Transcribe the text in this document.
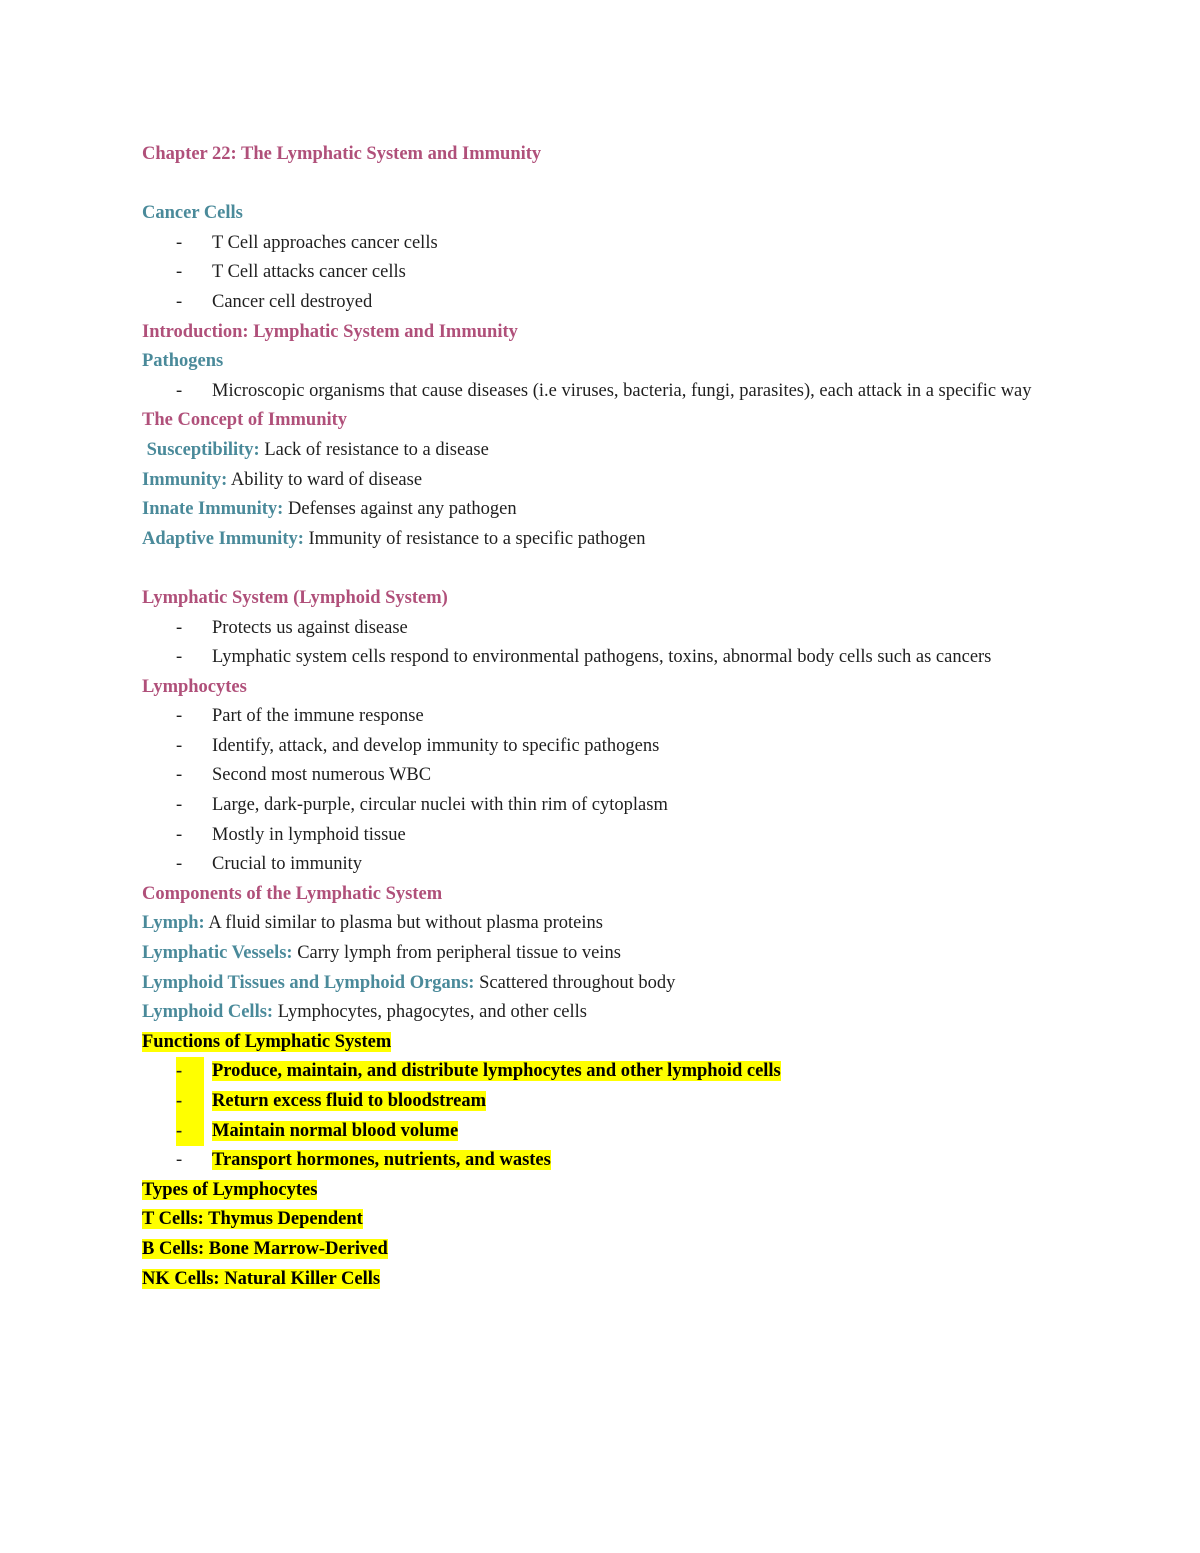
Chapter 22: The Lymphatic System and Immunity
Cancer Cells
- T Cell approaches cancer cells
- T Cell attacks cancer cells
- Cancer cell destroyed
Introduction: Lymphatic System and Immunity
Pathogens
- Microscopic organisms that cause diseases (i.e viruses, bacteria, fungi, parasites), each attack in a specific way
The Concept of Immunity
Susceptibility: Lack of resistance to a disease
Immunity: Ability to ward of disease
Innate Immunity: Defenses against any pathogen
Adaptive Immunity: Immunity of resistance to a specific pathogen
Lymphatic System (Lymphoid System)
- Protects us against disease
- Lymphatic system cells respond to environmental pathogens, toxins, abnormal body cells such as cancers
Lymphocytes
- Part of the immune response
- Identify, attack, and develop immunity to specific pathogens
- Second most numerous WBC
- Large, dark-purple, circular nuclei with thin rim of cytoplasm
- Mostly in lymphoid tissue
- Crucial to immunity
Components of the Lymphatic System
Lymph: A fluid similar to plasma but without plasma proteins
Lymphatic Vessels: Carry lymph from peripheral tissue to veins
Lymphoid Tissues and Lymphoid Organs: Scattered throughout body
Lymphoid Cells: Lymphocytes, phagocytes, and other cells
Functions of Lymphatic System
-	Produce, maintain, and distribute lymphocytes and other lymphoid cells
-	Return excess fluid to bloodstream
-	Maintain normal blood volume
- Transport hormones, nutrients, and wastes
Types of Lymphocytes
T Cells: Thymus Dependent
B Cells: Bone Marrow-Derived
NK Cells: Natural Killer Cells
